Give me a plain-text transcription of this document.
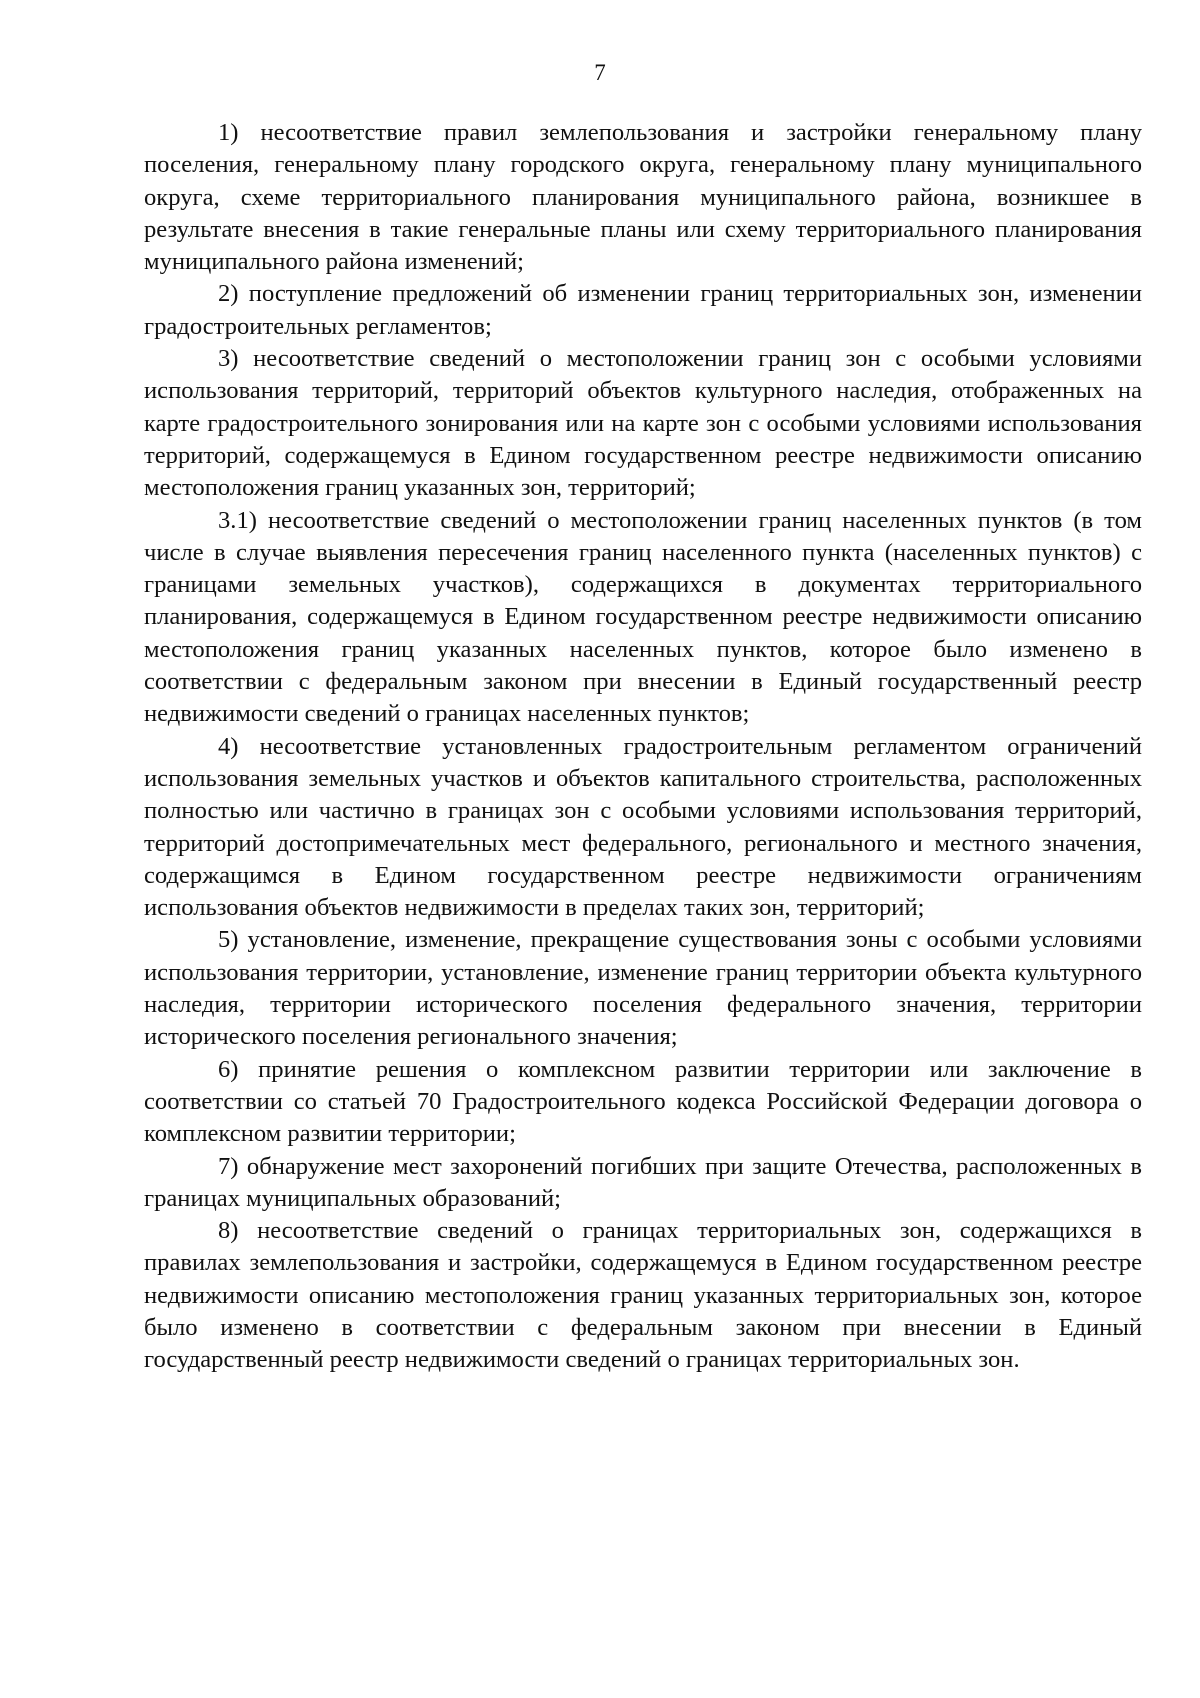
7

1) несоответствие правил землепользования и застройки генеральному плану поселения, генеральному плану городского округа, генеральному плану муниципального округа, схеме территориального планирования муниципального района, возникшее в результате внесения в такие генеральные планы или схему территориального планирования муниципального района изменений;

2) поступление предложений об изменении границ территориальных зон, изменении градостроительных регламентов;

3) несоответствие сведений о местоположении границ зон с особыми условиями использования территорий, территорий объектов культурного наследия, отображенных на карте градостроительного зонирования или на карте зон с особыми условиями использования территорий, содержащемуся в Едином государственном реестре недвижимости описанию местоположения границ указанных зон, территорий;

3.1) несоответствие сведений о местоположении границ населенных пунктов (в том числе в случае выявления пересечения границ населенного пункта (населенных пунктов) с границами земельных участков), содержащихся в документах территориального планирования, содержащемуся в Едином государственном реестре недвижимости описанию местоположения границ указанных населенных пунктов, которое было изменено в соответствии с федеральным законом при внесении в Единый государственный реестр недвижимости сведений о границах населенных пунктов;

4) несоответствие установленных градостроительным регламентом ограничений использования земельных участков и объектов капитального строительства, расположенных полностью или частично в границах зон с особыми условиями использования территорий, территорий достопримечательных мест федерального, регионального и местного значения, содержащимся в Едином государственном реестре недвижимости ограничениям использования объектов недвижимости в пределах таких зон, территорий;

5) установление, изменение, прекращение существования зоны с особыми условиями использования территории, установление, изменение границ территории объекта культурного наследия, территории исторического поселения федерального значения, территории исторического поселения регионального значения;

6) принятие решения о комплексном развитии территории или заключение в соответствии со статьей 70 Градостроительного кодекса Российской Федерации договора о комплексном развитии территории;

7) обнаружение мест захоронений погибших при защите Отечества, расположенных в границах муниципальных образований;

8) несоответствие сведений о границах территориальных зон, содержащихся в правилах землепользования и застройки, содержащемуся в Едином государственном реестре недвижимости описанию местоположения границ указанных территориальных зон, которое было изменено в соответствии с федеральным законом при внесении в Единый государственный реестр недвижимости сведений о границах территориальных зон.
